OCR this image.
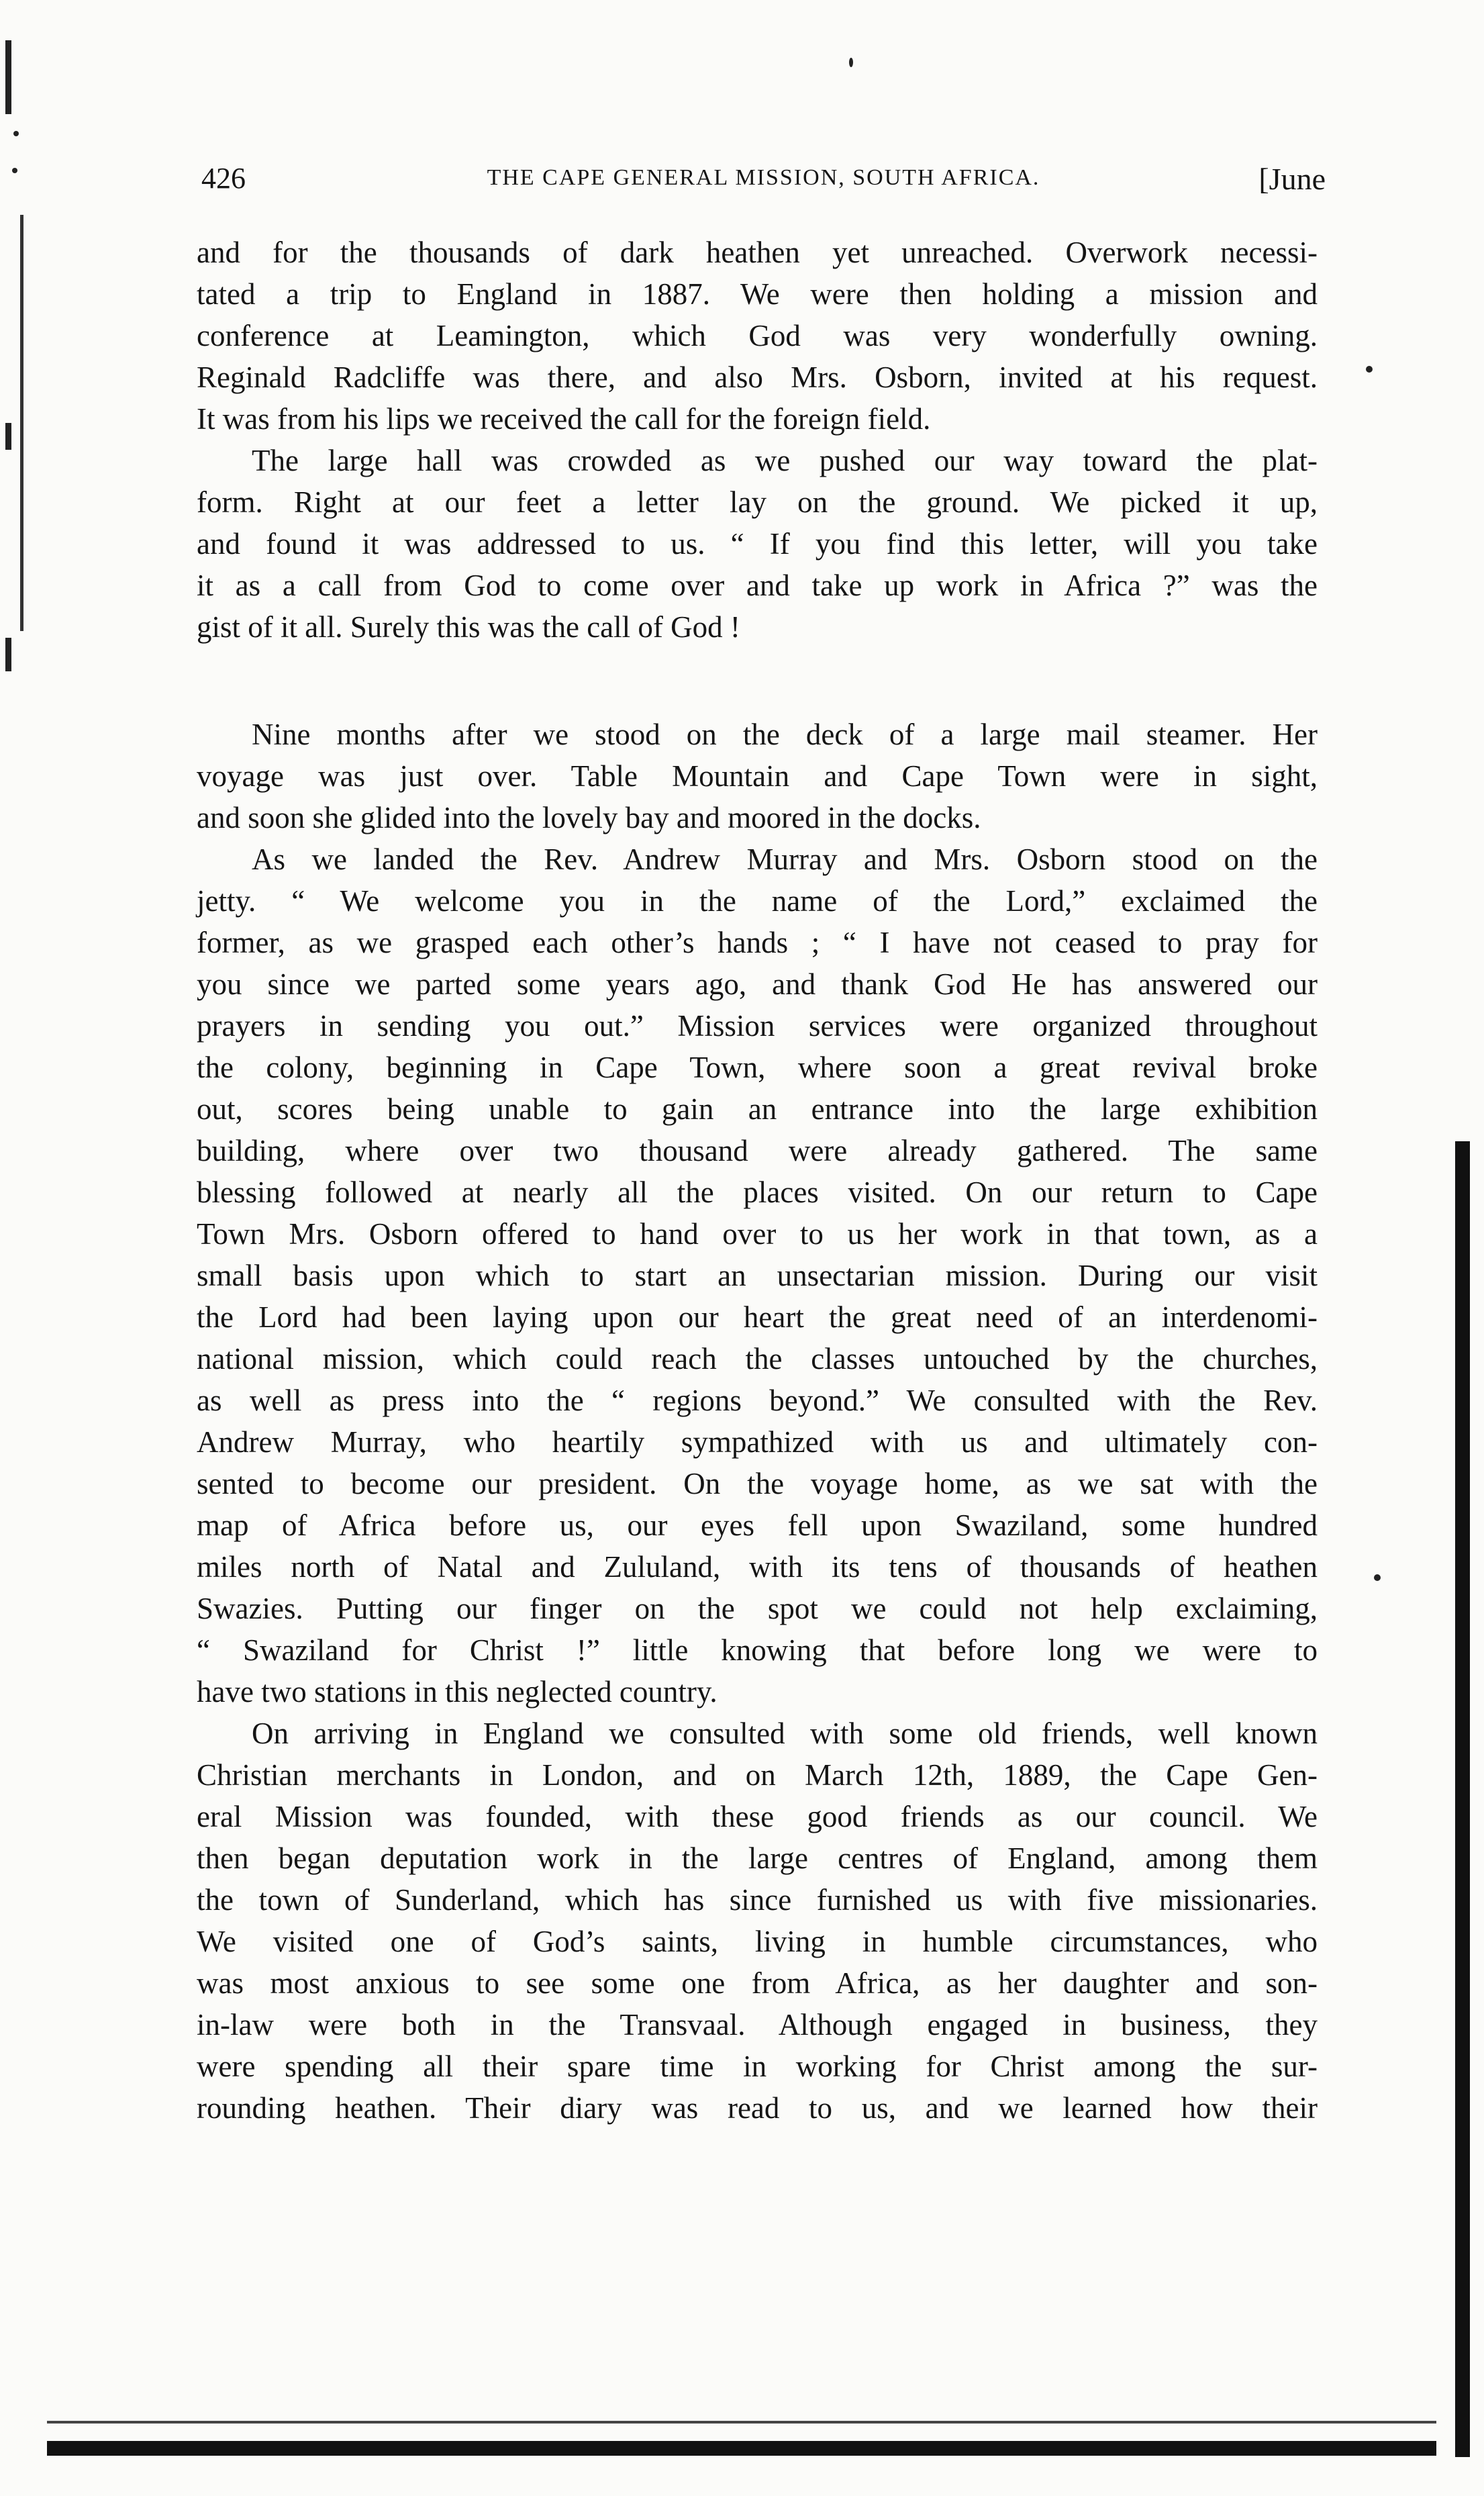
426	THE CAPE GENERAL MISSION, SOUTH AFRICA.	[June
and for the thousands of dark heathen yet unreached. Overwork necessi-
tated a trip to England in 1887. We were then holding a mission and
conference at Leamington, which God was very wonderfully owning.
Reginald Radcliffe was there, and also Mrs. Osborn, invited at his request.
It was from his lips we received the call for the foreign field.
The large hall was crowded as we pushed our way toward the plat-
form. Right at our feet a letter lay on the ground. We picked it up,
and found it was addressed to us. “ If you find this letter, will you take
it as a call from God to come over and take up work in Africa ?” was the
gist of it all. Surely this was the call of God !
Nine months after we stood on the deck of a large mail steamer. Her
voyage was just over. Table Mountain and Cape Town were in sight,
and soon she glided into the lovely bay and moored in the docks.
As we landed the Rev. Andrew Murray and Mrs. Osborn stood on the
jetty. “ We welcome you in the name of the Lord,” exclaimed the
former, as we grasped each other’s hands ; “ I have not ceased to pray for
you since we parted some years ago, and thank God He has answered our
prayers in sending you out.” Mission services were organized throughout
the colony, beginning in Cape Town, where soon a great revival broke
out, scores being unable to gain an entrance into the large exhibition
building, where over two thousand were already gathered. The same
blessing followed at nearly all the places visited. On our return to Cape
Town Mrs. Osborn offered to hand over to us her work in that town, as a
small basis upon which to start an unsectarian mission. During our visit
the Lord had been laying upon our heart the great need of an interdenomi-
national mission, which could reach the classes untouched by the churches,
as well as press into the “ regions beyond.” We consulted with the Rev.
Andrew Murray, who heartily sympathized with us and ultimately con-
sented to become our president. On the voyage home, as we sat with the
map of Africa before us, our eyes fell upon Swaziland, some hundred
miles north of Natal and Zululand, with its tens of thousands of heathen
Swazies. Putting our finger on the spot we could not help exclaiming,
“ Swaziland for Christ !” little knowing that before long we were to
have two stations in this neglected country.
On arriving in England we consulted with some old friends, well known
Christian merchants in London, and on March 12th, 1889, the Cape Gen-
eral Mission was founded, with these good friends as our council. We
then began deputation work in the large centres of England, among them
the town of Sunderland, which has since furnished us with five missionaries.
We visited one of God’s saints, living in humble circumstances, who
was most anxious to see some one from Africa, as her daughter and son-
in-law were both in the Transvaal. Although engaged in business, they
were spending all their spare time in working for Christ among the sur-
rounding heathen. Their diary was read to us, and we learned how their
